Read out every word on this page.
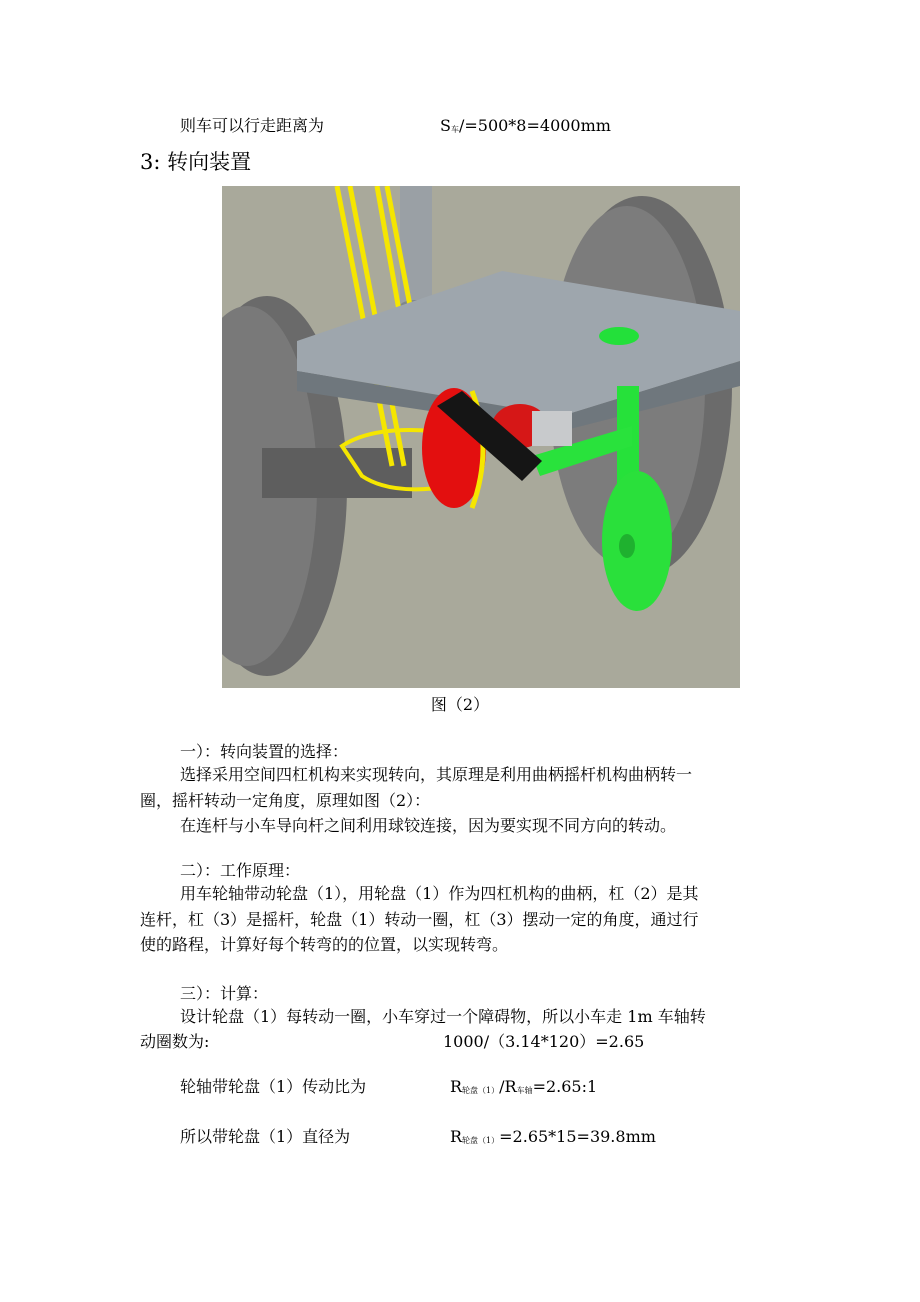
则车可以行走距离为	$S_车/=500*8=4000mm$
3: 转向装置
图（2）
一）：转向装置的选择：
选择采用空间四杠机构来实现转向，其原理是利用曲柄摇杆机构曲柄转一
圈，摇杆转动一定角度，原理如图（2）：
在连杆与小车导向杆之间利用球铰连接，因为要实现不同方向的转动。
二）：工作原理：
用车轮轴带动轮盘（1），用轮盘（1）作为四杠机构的曲柄，杠（2）是其
连杆，杠（3）是摇杆，轮盘（1）转动一圈，杠（3）摆动一定的角度，通过行
使的路程，计算好每个转弯的的位置，以实现转弯。
三）：计算：
设计轮盘（1）每转动一圈，小车穿过一个障碍物，所以小车走 1m 车轴转
动圈数为:	1000/（3.14*120）=2.65
轮轴带轮盘（1）传动比为	$R_{轮盘(1)}/R_{车轴}=2.65:1$
所以带轮盘（1）直径为	$R_{轮盘(1)}=2.65*15=39.8mm$
